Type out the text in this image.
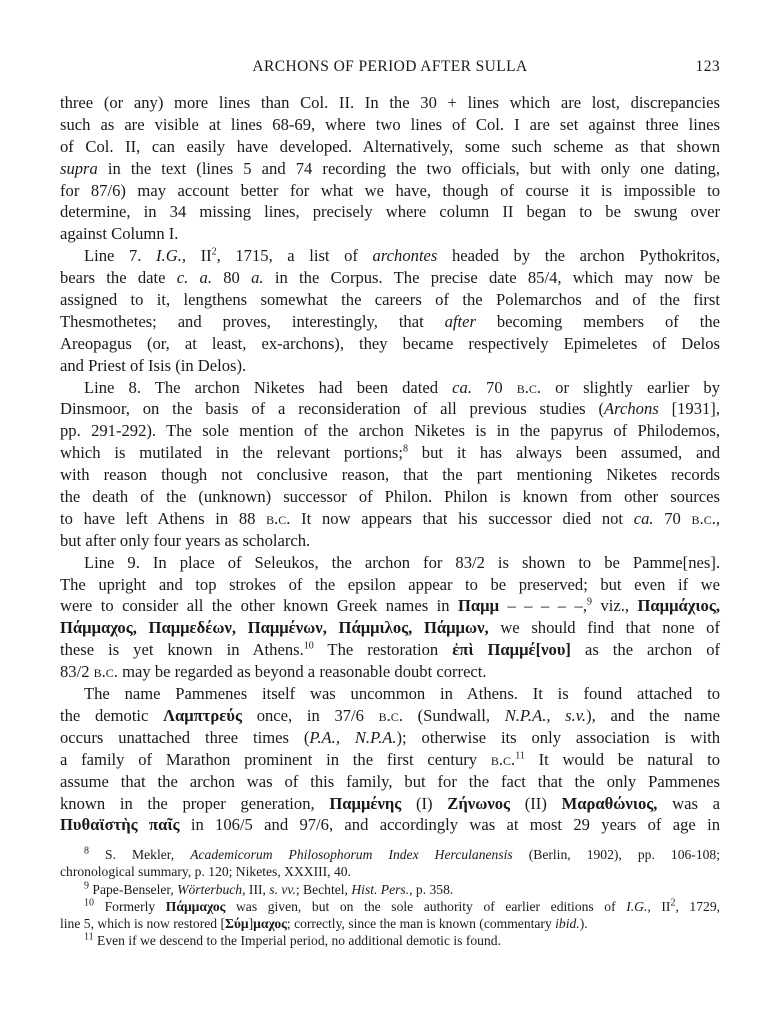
ARCHONS OF PERIOD AFTER SULLA	123
three (or any) more lines than Col. II. In the 30 + lines which are lost, discrepancies
such as are visible at lines 68-69, where two lines of Col. I are set against three lines
of Col. II, can easily have developed. Alternatively, some such scheme as that shown
supra in the text (lines 5 and 74 recording the two officials, but with only one dating,
for 87/6) may account better for what we have, though of course it is impossible to
determine, in 34 missing lines, precisely where column II began to be swung over
against Column I.
Line 7. I.G., $II^2$, 1715, a list of archontes headed by the archon Pythokritos,
bears the date c. a. 80 a. in the Corpus. The precise date 85/4, which may now be
assigned to it, lengthens somewhat the careers of the Polemarchos and of the first
Thesmothetes; and proves, interestingly, that after becoming members of the
Areopagus (or, at least, ex-archons), they became respectively Epimeletes of Delos
and Priest of Isis (in Delos).
Line 8. The archon Niketes had been dated ca. 70 b.c. or slightly earlier by
Dinsmoor, on the basis of a reconsideration of all previous studies (Archons [1931],
pp. 291-292). The sole mention of the archon Niketes is in the papyrus of Philodemos,
which is mutilated in the relevant portions;$^8$ but it has always been assumed, and
with reason though not conclusive reason, that the part mentioning Niketes records
the death of the (unknown) successor of Philon. Philon is known from other sources
to have left Athens in 88 b.c. It now appears that his successor died not ca. 70 b.c.,
but after only four years as scholarch.
Line 9. In place of Seleukos, the archon for 83/2 is shown to be Pamme[nes].
The upright and top strokes of the epsilon appear to be preserved; but even if we
were to consider all the other known Greek names in Παμμ – – – – –,$^9$ viz., Παμμάχιος,
Πάμμαχος, Παμμεδέων, Παμμένων, Πάμμιλος, Πάμμων, we should find that none of
these is yet known in Athens.$^{10}$ The restoration ἐπὶ Παμμέ[νου] as the archon of
83/2 b.c. may be regarded as beyond a reasonable doubt correct.
The name Pammenes itself was uncommon in Athens. It is found attached to
the demotic Λαμπτρεύς once, in 37/6 b.c. (Sundwall, N.P.A., s.v.), and the name
occurs unattached three times (P.A., N.P.A.); otherwise its only association is with
a family of Marathon prominent in the first century b.c.$^{11}$ It would be natural to
assume that the archon was of this family, but for the fact that the only Pammenes
known in the proper generation, Παμμένης (I) Ζήνωνος (II) Μαραθώνιος, was a
Πυθαϊστὴς παῖς in 106/5 and 97/6, and accordingly was at most 29 years of age in
$^8$ S. Mekler, Academicorum Philosophorum Index Herculanensis (Berlin, 1902), pp. 106-108;
chronological summary, p. 120; Niketes, XXXIII, 40.
$^9$ Pape-Benseler, Wörterbuch, III, s. vv.; Bechtel, Hist. Pers., p. 358.
$^{10}$ Formerly Πάμμαχος was given, but on the sole authority of earlier editions of I.G., $II^2$, 1729,
line 5, which is now restored [Σύμ]μαχος; correctly, since the man is known (commentary ibid.).
$^{11}$ Even if we descend to the Imperial period, no additional demotic is found.
